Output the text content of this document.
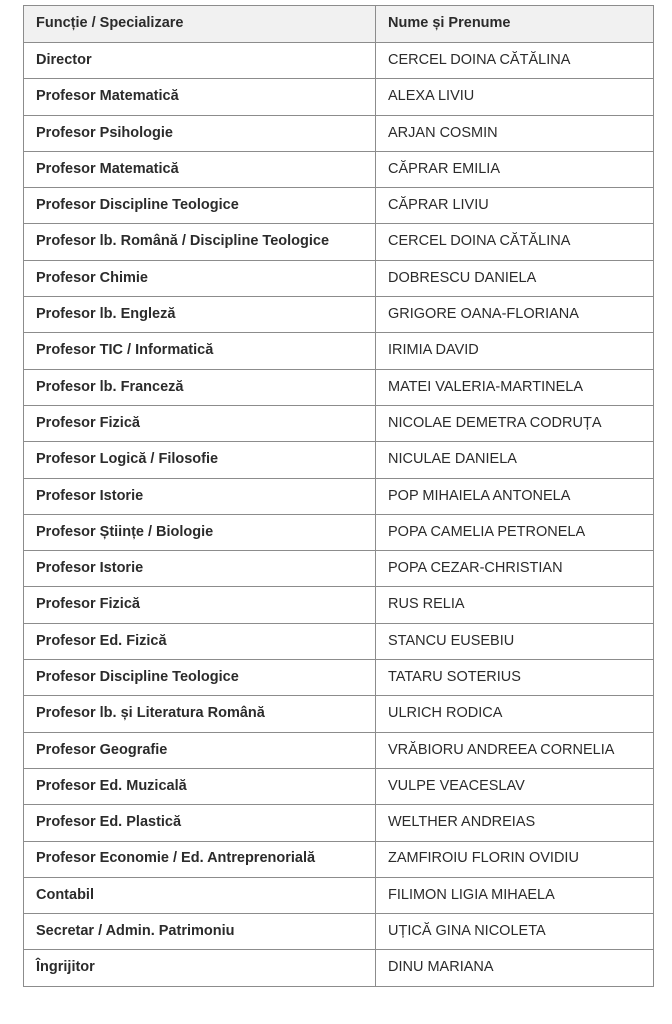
Funcție / Specializare	Nume și Prenume
Director	CERCEL DOINA CĂTĂLINA
Profesor Matematică	ALEXA LIVIU
Profesor Psihologie	ARJAN COSMIN
Profesor Matematică	CĂPRAR EMILIA
Profesor Discipline Teologice	CĂPRAR LIVIU
Profesor lb. Română / Discipline Teologice	CERCEL DOINA CĂTĂLINA
Profesor Chimie	DOBRESCU DANIELA
Profesor lb. Engleză	GRIGORE OANA-FLORIANA
Profesor TIC / Informatică	IRIMIA DAVID
Profesor lb. Franceză	MATEI VALERIA-MARTINELA
Profesor Fizică	NICOLAE DEMETRA CODRUȚA
Profesor Logică / Filosofie	NICULAE DANIELA
Profesor Istorie	POP MIHAIELA ANTONELA
Profesor Științe / Biologie	POPA CAMELIA PETRONELA
Profesor Istorie	POPA CEZAR-CHRISTIAN
Profesor Fizică	RUS RELIA
Profesor Ed. Fizică	STANCU EUSEBIU
Profesor Discipline Teologice	TATARU SOTERIUS
Profesor lb. și Literatura Română	ULRICH RODICA
Profesor Geografie	VRĂBIORU ANDREEA CORNELIA
Profesor Ed. Muzicală	VULPE VEACESLAV
Profesor Ed. Plastică	WELTHER ANDREIAS
Profesor Economie / Ed. Antreprenorială	ZAMFIROIU FLORIN OVIDIU
Contabil	FILIMON LIGIA MIHAELA
Secretar / Admin. Patrimoniu	UȚICĂ GINA NICOLETA
Îngrijitor	DINU MARIANA
